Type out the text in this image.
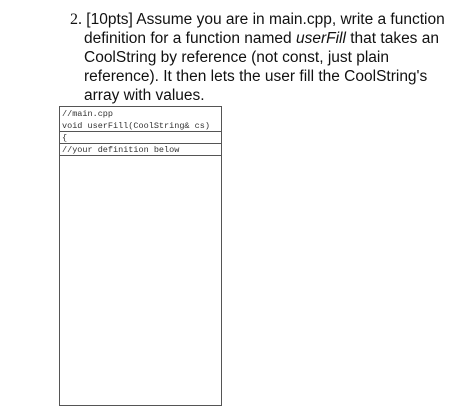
2. [10pts] Assume you are in main.cpp, write a function
definition for a function named userFill that takes an
CoolString by reference (not const, just plain
reference). It then lets the user fill the CoolString's
array with values.
//main.cpp
void userFill(CoolString& cs)
{
//your definition below
